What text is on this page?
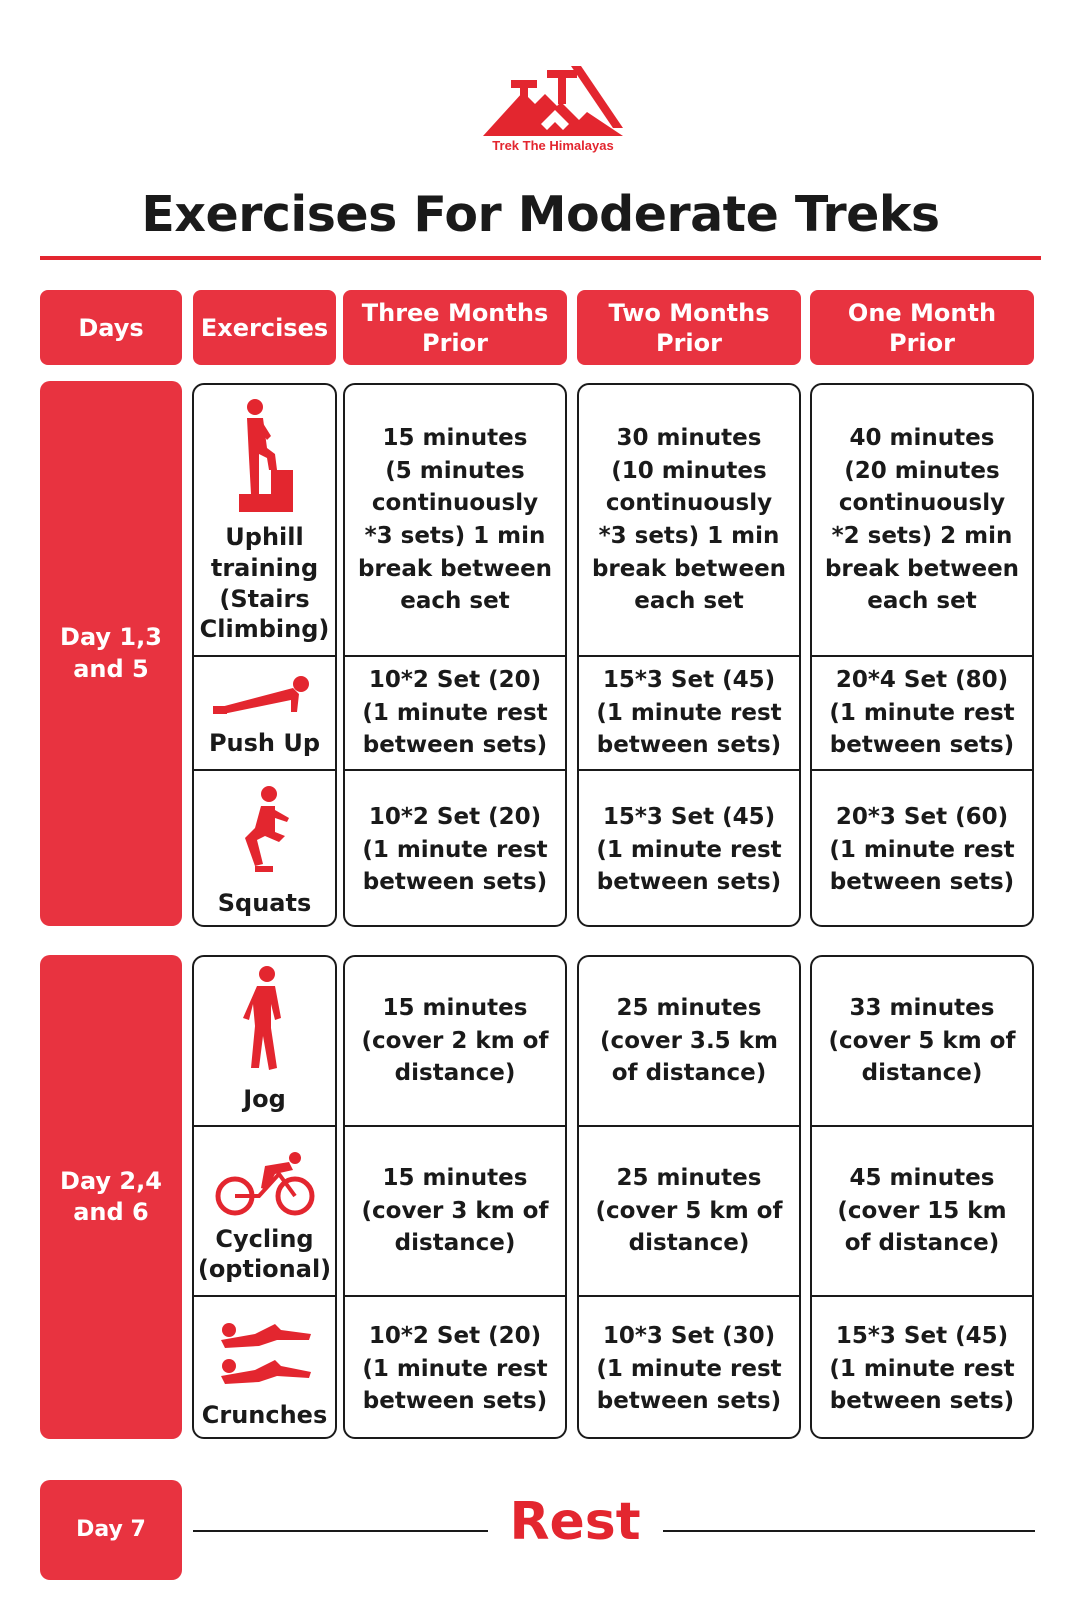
Trek The Himalayas
Exercises For Moderate Treks
Days Exercises
Three Months
Prior
Two Months
Prior
One Month
Prior
Day 1,3
and 5
Uphill
training
(Stairs
Climbing)
Push Up
Squats
15 minutes
(5 minutes
continuously
*3 sets) 1 min
break between
each set
10*2 Set (20)
(1 minute rest
between sets)
10*2 Set (20)
(1 minute rest
between sets)
30 minutes
(10 minutes
continuously
*3 sets) 1 min
break between
each set
15*3 Set (45)
(1 minute rest
between sets)
15*3 Set (45)
(1 minute rest
between sets)
40 minutes
(20 minutes
continuously
*2 sets) 2 min
break between
each set
20*4 Set (80)
(1 minute rest
between sets)
20*3 Set (60)
(1 minute rest
between sets)
Day 2,4
and 6
Jog
Cycling
(optional)
Crunches
15 minutes
(cover 2 km of
distance)
15 minutes
(cover 3 km of
distance)
10*2 Set (20)
(1 minute rest
between sets)
25 minutes
(cover 3.5 km
of distance)
25 minutes
(cover 5 km of
distance)
10*3 Set (30)
(1 minute rest
between sets)
33 minutes
(cover 5 km of
distance)
45 minutes
(cover 15 km
of distance)
15*3 Set (45)
(1 minute rest
between sets)
Day 7	Rest
